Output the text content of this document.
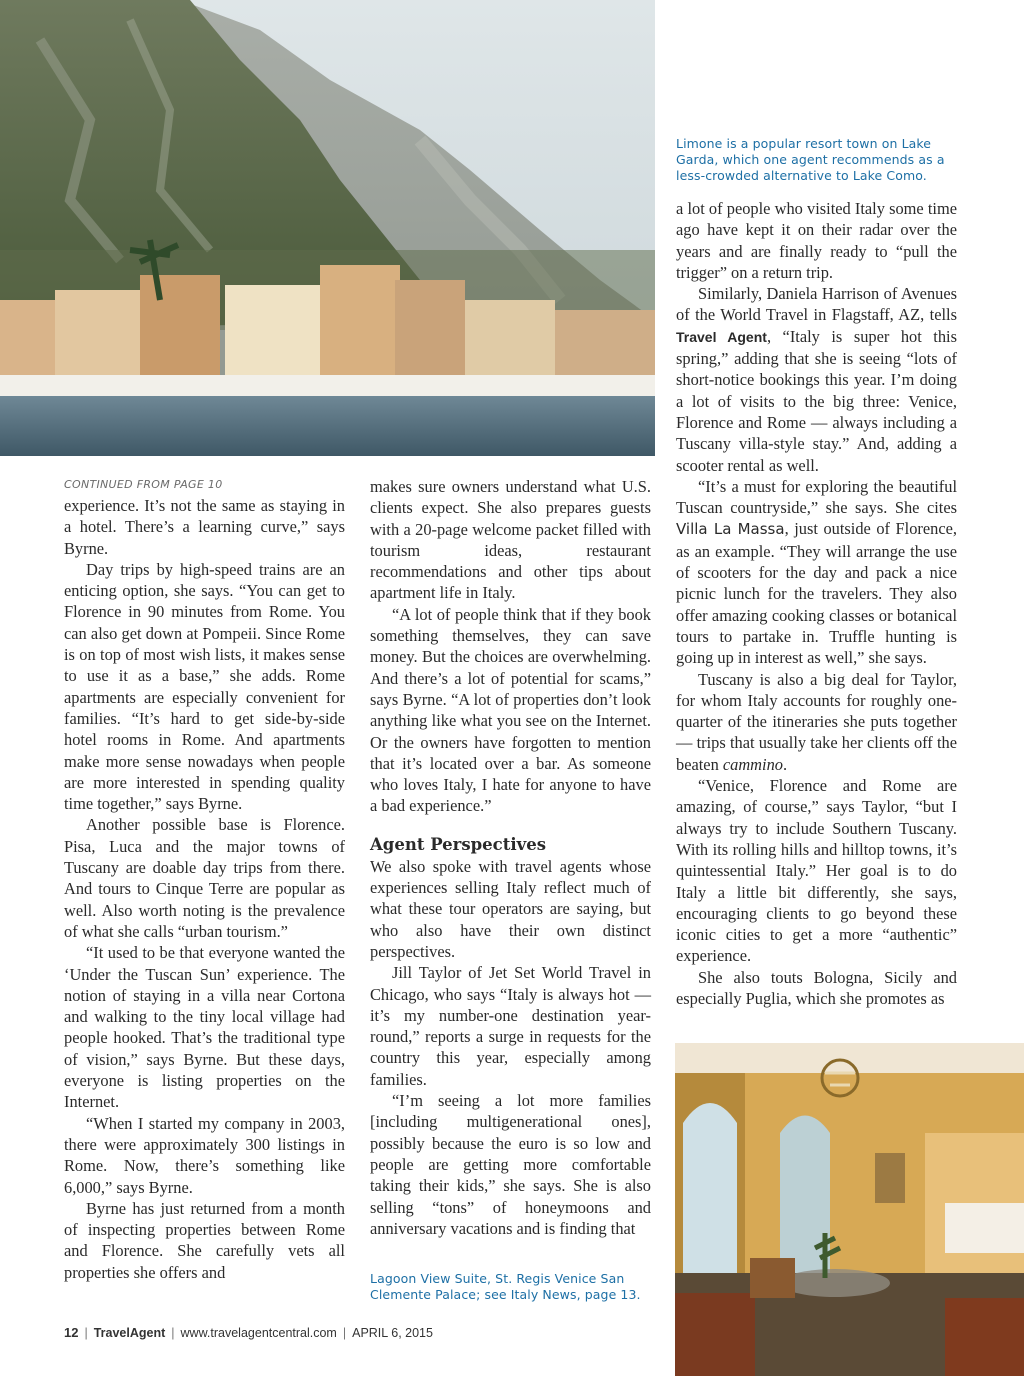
Limone is a popular resort town on Lake Garda, which one agent recommends as a less-crowded alternative to Lake Como.
CONTINUED FROM PAGE 10

experience. It’s not the same as staying in a hotel. There’s a learning curve,” says Byrne.

Day trips by high-speed trains are an enticing option, she says. “You can get to Florence in 90 minutes from Rome. You can also get down at Pompeii. Since Rome is on top of most wish lists, it makes sense to use it as a base,” she adds. Rome apartments are especially convenient for families. “It’s hard to get side-by-side hotel rooms in Rome. And apartments make more sense nowadays when people are more interested in spending quality time together,” says Byrne.

Another possible base is Florence. Pisa, Luca and the major towns of Tuscany are doable day trips from there. And tours to Cinque Terre are popular as well. Also worth noting is the prevalence of what she calls “urban tourism.”

“It used to be that everyone wanted the ‘Under the Tuscan Sun’ experience. The notion of staying in a villa near Cortona and walking to the tiny local village had people hooked. That’s the traditional type of vision,” says Byrne. But these days, everyone is listing properties on the Internet.

“When I started my company in 2003, there were approximately 300 listings in Rome. Now, there’s something like 6,000,” says Byrne.

Byrne has just returned from a month of inspecting properties between Rome and Florence. She carefully vets all properties she offers and

makes sure owners understand what U.S. clients expect. She also prepares guests with a 20-page welcome packet filled with tourism ideas, restaurant recommendations and other tips about apartment life in Italy.

“A lot of people think that if they book something themselves, they can save money. But the choices are overwhelming. And there’s a lot of potential for scams,” says Byrne. “A lot of properties don’t look anything like what you see on the Internet. Or the owners have forgotten to mention that it’s located over a bar. As someone who loves Italy, I hate for anyone to have a bad experience.”

Agent Perspectives

We also spoke with travel agents whose experiences selling Italy reflect much of what these tour operators are saying, but who also have their own distinct perspectives.

Jill Taylor of Jet Set World Travel in Chicago, who says “Italy is always hot — it’s my number-one destination year-round,” reports a surge in requests for the country this year, especially among families.

“I’m seeing a lot more families [including multigenerational ones], possibly because the euro is so low and people are getting more comfortable taking their kids,” she says. She is also selling “tons” of honeymoons and anniversary vacations and is finding that

Lagoon View Suite, St. Regis Venice San Clemente Palace; see Italy News, page 13.

a lot of people who visited Italy some time ago have kept it on their radar over the years and are finally ready to “pull the trigger” on a return trip.

Similarly, Daniela Harrison of Avenues of the World Travel in Flagstaff, AZ, tells Travel Agent, “Italy is super hot this spring,” adding that she is seeing “lots of short-notice bookings this year. I’m doing a lot of visits to the big three: Venice, Florence and Rome — always including a Tuscany villa-style stay.” And, adding a scooter rental as well.

“It’s a must for exploring the beautiful Tuscan countryside,” she says. She cites Villa La Massa, just outside of Florence, as an example. “They will arrange the use of scooters for the day and pack a nice picnic lunch for the travelers. They also offer amazing cooking classes or botanical tours to partake in. Truffle hunting is going up in interest as well,” she says.

Tuscany is also a big deal for Taylor, for whom Italy accounts for roughly one-quarter of the itineraries she puts together — trips that usually take her clients off the beaten cammino.

“Venice, Florence and Rome are amazing, of course,” says Taylor, “but I always try to include Southern Tuscany. With its rolling hills and hilltop towns, it’s quintessential Italy.” Her goal is to do Italy a little bit differently, she says, encouraging clients to go beyond these iconic cities to get a more “authentic” experience.

She also touts Bologna, Sicily and especially Puglia, which she promotes as

12 | TravelAgent | www.travelagentcentral.com | APRIL 6, 2015
